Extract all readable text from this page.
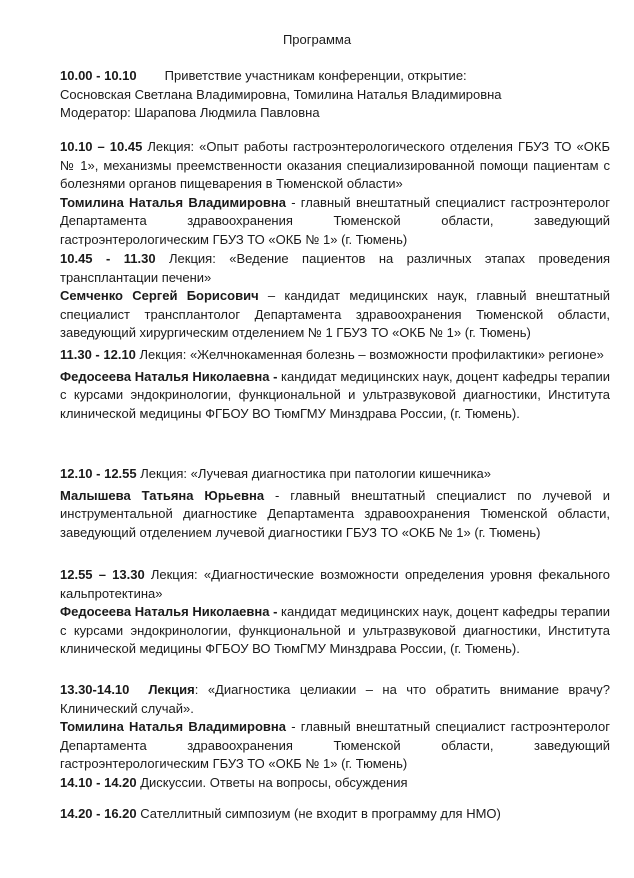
Программа

10.00 - 10.10 Приветствие участникам конференции, открытие:

Сосновская Светлана Владимировна, Томилина Наталья Владимировна

Модератор: Шарапова Людмила Павловна

10.10 – 10.45 Лекция: «Опыт работы гастроэнтерологического отделения ГБУЗ ТО «ОКБ № 1», механизмы преемственности оказания специализированной помощи пациентам с болезнями органов пищеварения в Тюменской области»

Томилина Наталья Владимировна - главный внештатный специалист гастроэнтеролог Департамента здравоохранения Тюменской области, заведующий гастроэнтерологическим ГБУЗ ТО «ОКБ № 1» (г. Тюмень)

10.45 - 11.30 Лекция: «Ведение пациентов на различных этапах проведения трансплантации печени»

Семченко Сергей Борисович – кандидат медицинских наук, главный внештатный специалист трансплантолог Департамента здравоохранения Тюменской области, заведующий хирургическим отделением № 1 ГБУЗ ТО «ОКБ № 1» (г. Тюмень)

11.30 - 12.10 Лекция: «Желчнокаменная болезнь – возможности профилактики» регионе»

Федосеева Наталья Николаевна - кандидат медицинских наук, доцент кафедры терапии с курсами эндокринологии, функциональной и ультразвуковой диагностики, Института клинической медицины ФГБОУ ВО ТюмГМУ Минздрава России, (г. Тюмень).

12.10 - 12.55 Лекция: «Лучевая диагностика при патологии кишечника»

Малышева Татьяна Юрьевна - главный внештатный специалист по лучевой и инструментальной диагностике Департамента здравоохранения Тюменской области, заведующий отделением лучевой диагностики ГБУЗ ТО «ОКБ № 1» (г. Тюмень)

12.55 – 13.30 Лекция: «Диагностические возможности определения уровня фекального кальпротектина»

Федосеева Наталья Николаевна - кандидат медицинских наук, доцент кафедры терапии с курсами эндокринологии, функциональной и ультразвуковой диагностики, Института клинической медицины ФГБОУ ВО ТюмГМУ Минздрава России, (г. Тюмень).

13.30-14.10 Лекция: «Диагностика целиакии – на что обратить внимание врачу? Клинический случай».

Томилина Наталья Владимировна - главный внештатный специалист гастроэнтеролог Департамента здравоохранения Тюменской области, заведующий гастроэнтерологическим ГБУЗ ТО «ОКБ № 1» (г. Тюмень)

14.10 - 14.20 Дискуссии. Ответы на вопросы, обсуждения

14.20 - 16.20 Сателлитный симпозиум (не входит в программу для НМО)
